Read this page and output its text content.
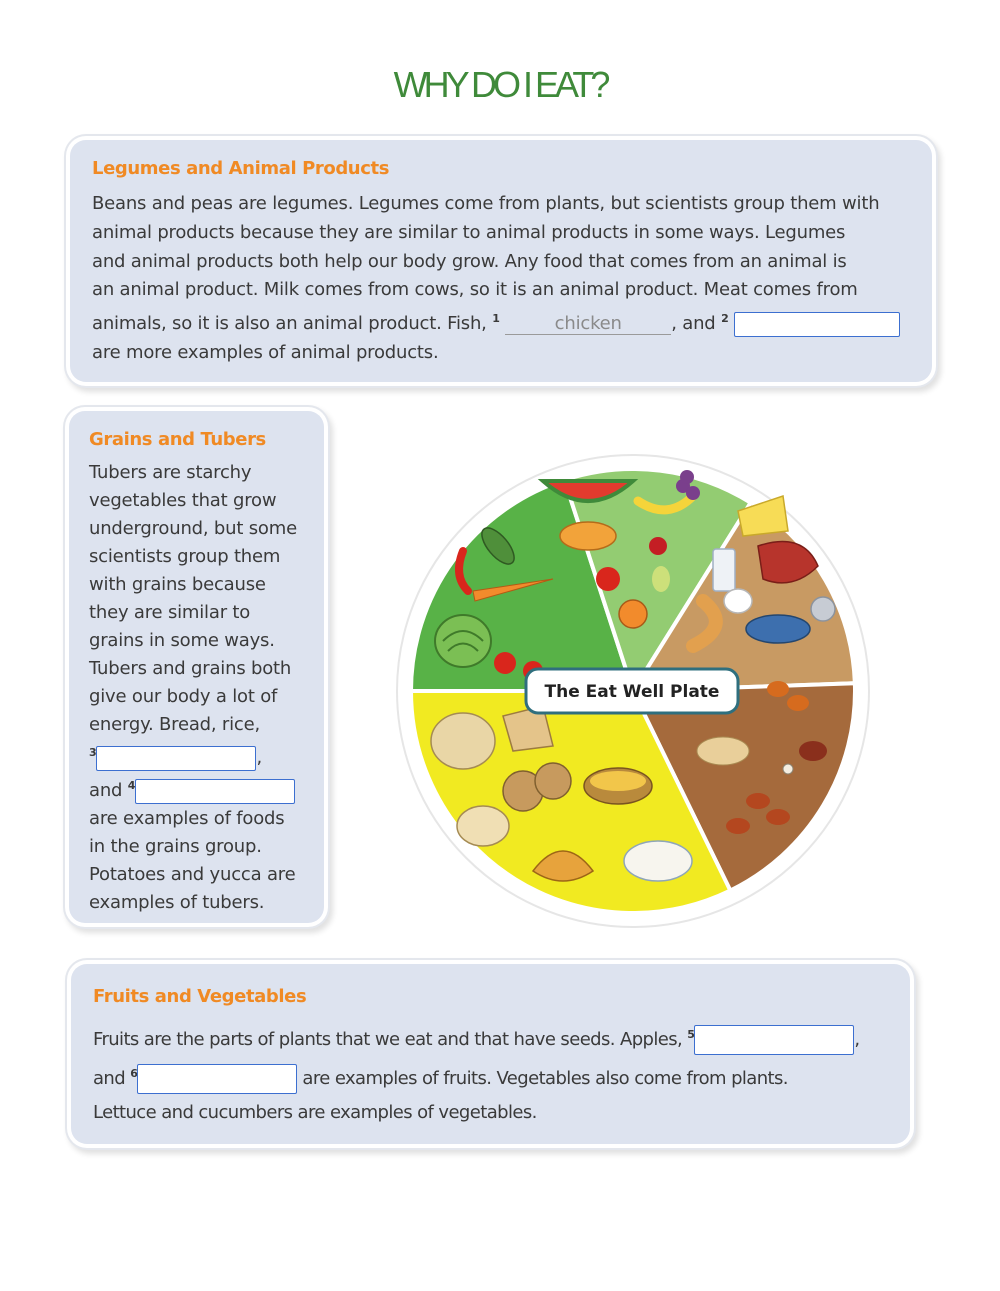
WHY DO I EAT?
Legumes and Animal Products
Beans and peas are legumes. Legumes come from plants, but scientists group them with
animal products because they are similar to animal products in some ways. Legumes
and animal products both help our body grow. Any food that comes from an animal is
an animal product. Milk comes from cows, so it is an animal product. Meat comes from
animals, so it is also an animal product. Fish, $^1$	chicken	, and $^2$
are more examples of animal products.
Grains and Tubers
Tubers are starchy
vegetables that grow
underground, but some
scientists group them
with grains because
they are similar to
grains in some ways.
Tubers and grains both
give our body a lot of
energy. Bread, rice,
$^3$	,
and $^4$
are examples of foods
in the grains group.
Potatoes and yucca are
examples of tubers.
The Eat Well Plate
Fruits and Vegetables
Fruits are the parts of plants that we eat and that have seeds. Apples, $^5$	,
and $^6$	are examples of fruits. Vegetables also come from plants.
Lettuce and cucumbers are examples of vegetables.
